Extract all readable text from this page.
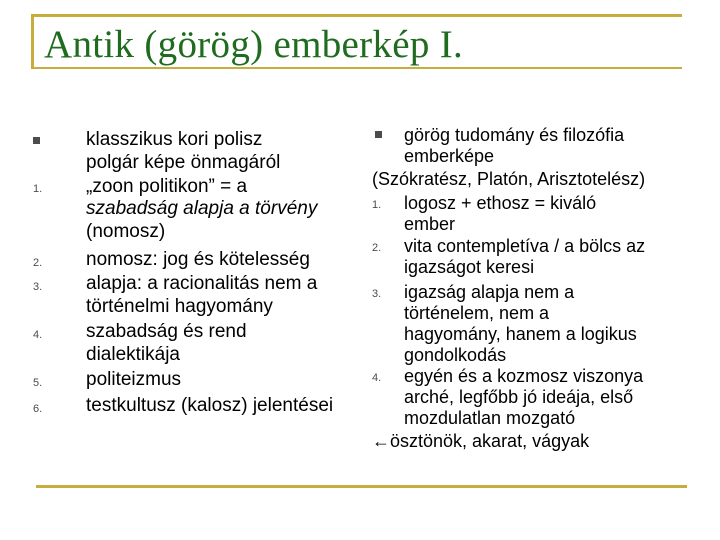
Antik (görög) emberkép I.
klasszikus kori polisz
polgár képe önmagáról
1. „zoon politikon” = a
szabadság alapja a törvény
(nomosz)
2. nomosz: jog és kötelesség
3. alapja: a racionalitás nem a
történelmi hagyomány
4. szabadság és rend
dialektikája
5. politeizmus
6. testkultusz (kalosz) jelentései
görög tudomány és filozófia
emberképe
(Szókratész, Platón, Arisztotelész)
1. logosz + ethosz = kiváló
ember
2. vita contempletíva / a bölcs az
igazságot keresi
3. igazság alapja nem a
történelem, nem a
hagyomány, hanem a logikus
gondolkodás
4. egyén és a kozmosz viszonya
arché, legfőbb jó ideája, első
mozdulatlan mozgató
←ösztönök, akarat, vágyak
